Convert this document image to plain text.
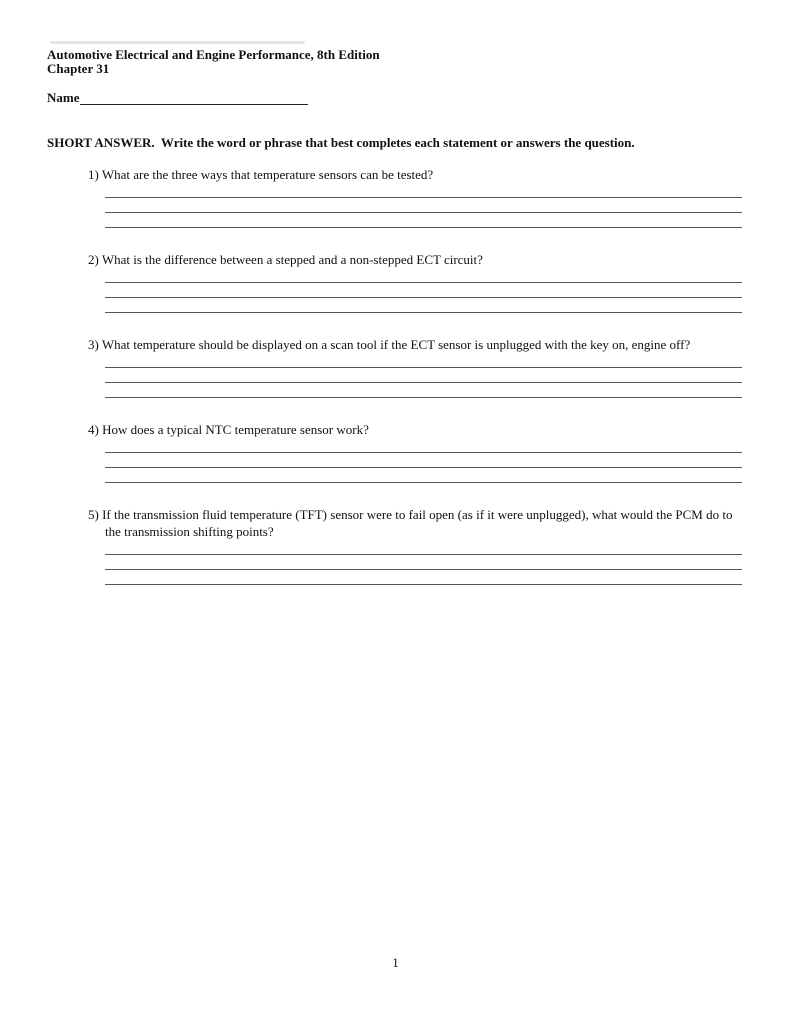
Automotive Electrical and Engine Performance, 8th Edition
Chapter 31
Name
SHORT ANSWER.  Write the word or phrase that best completes each statement or answers the question.

1) What are the three ways that temperature sensors can be tested?

2) What is the difference between a stepped and a non-stepped ECT circuit?

3) What temperature should be displayed on a scan tool if the ECT sensor is unplugged with the key on, engine off?

4) How does a typical NTC temperature sensor work?

5) If the transmission fluid temperature (TFT) sensor were to fail open (as if it were unplugged), what would the PCM do to the transmission shifting points?

1
